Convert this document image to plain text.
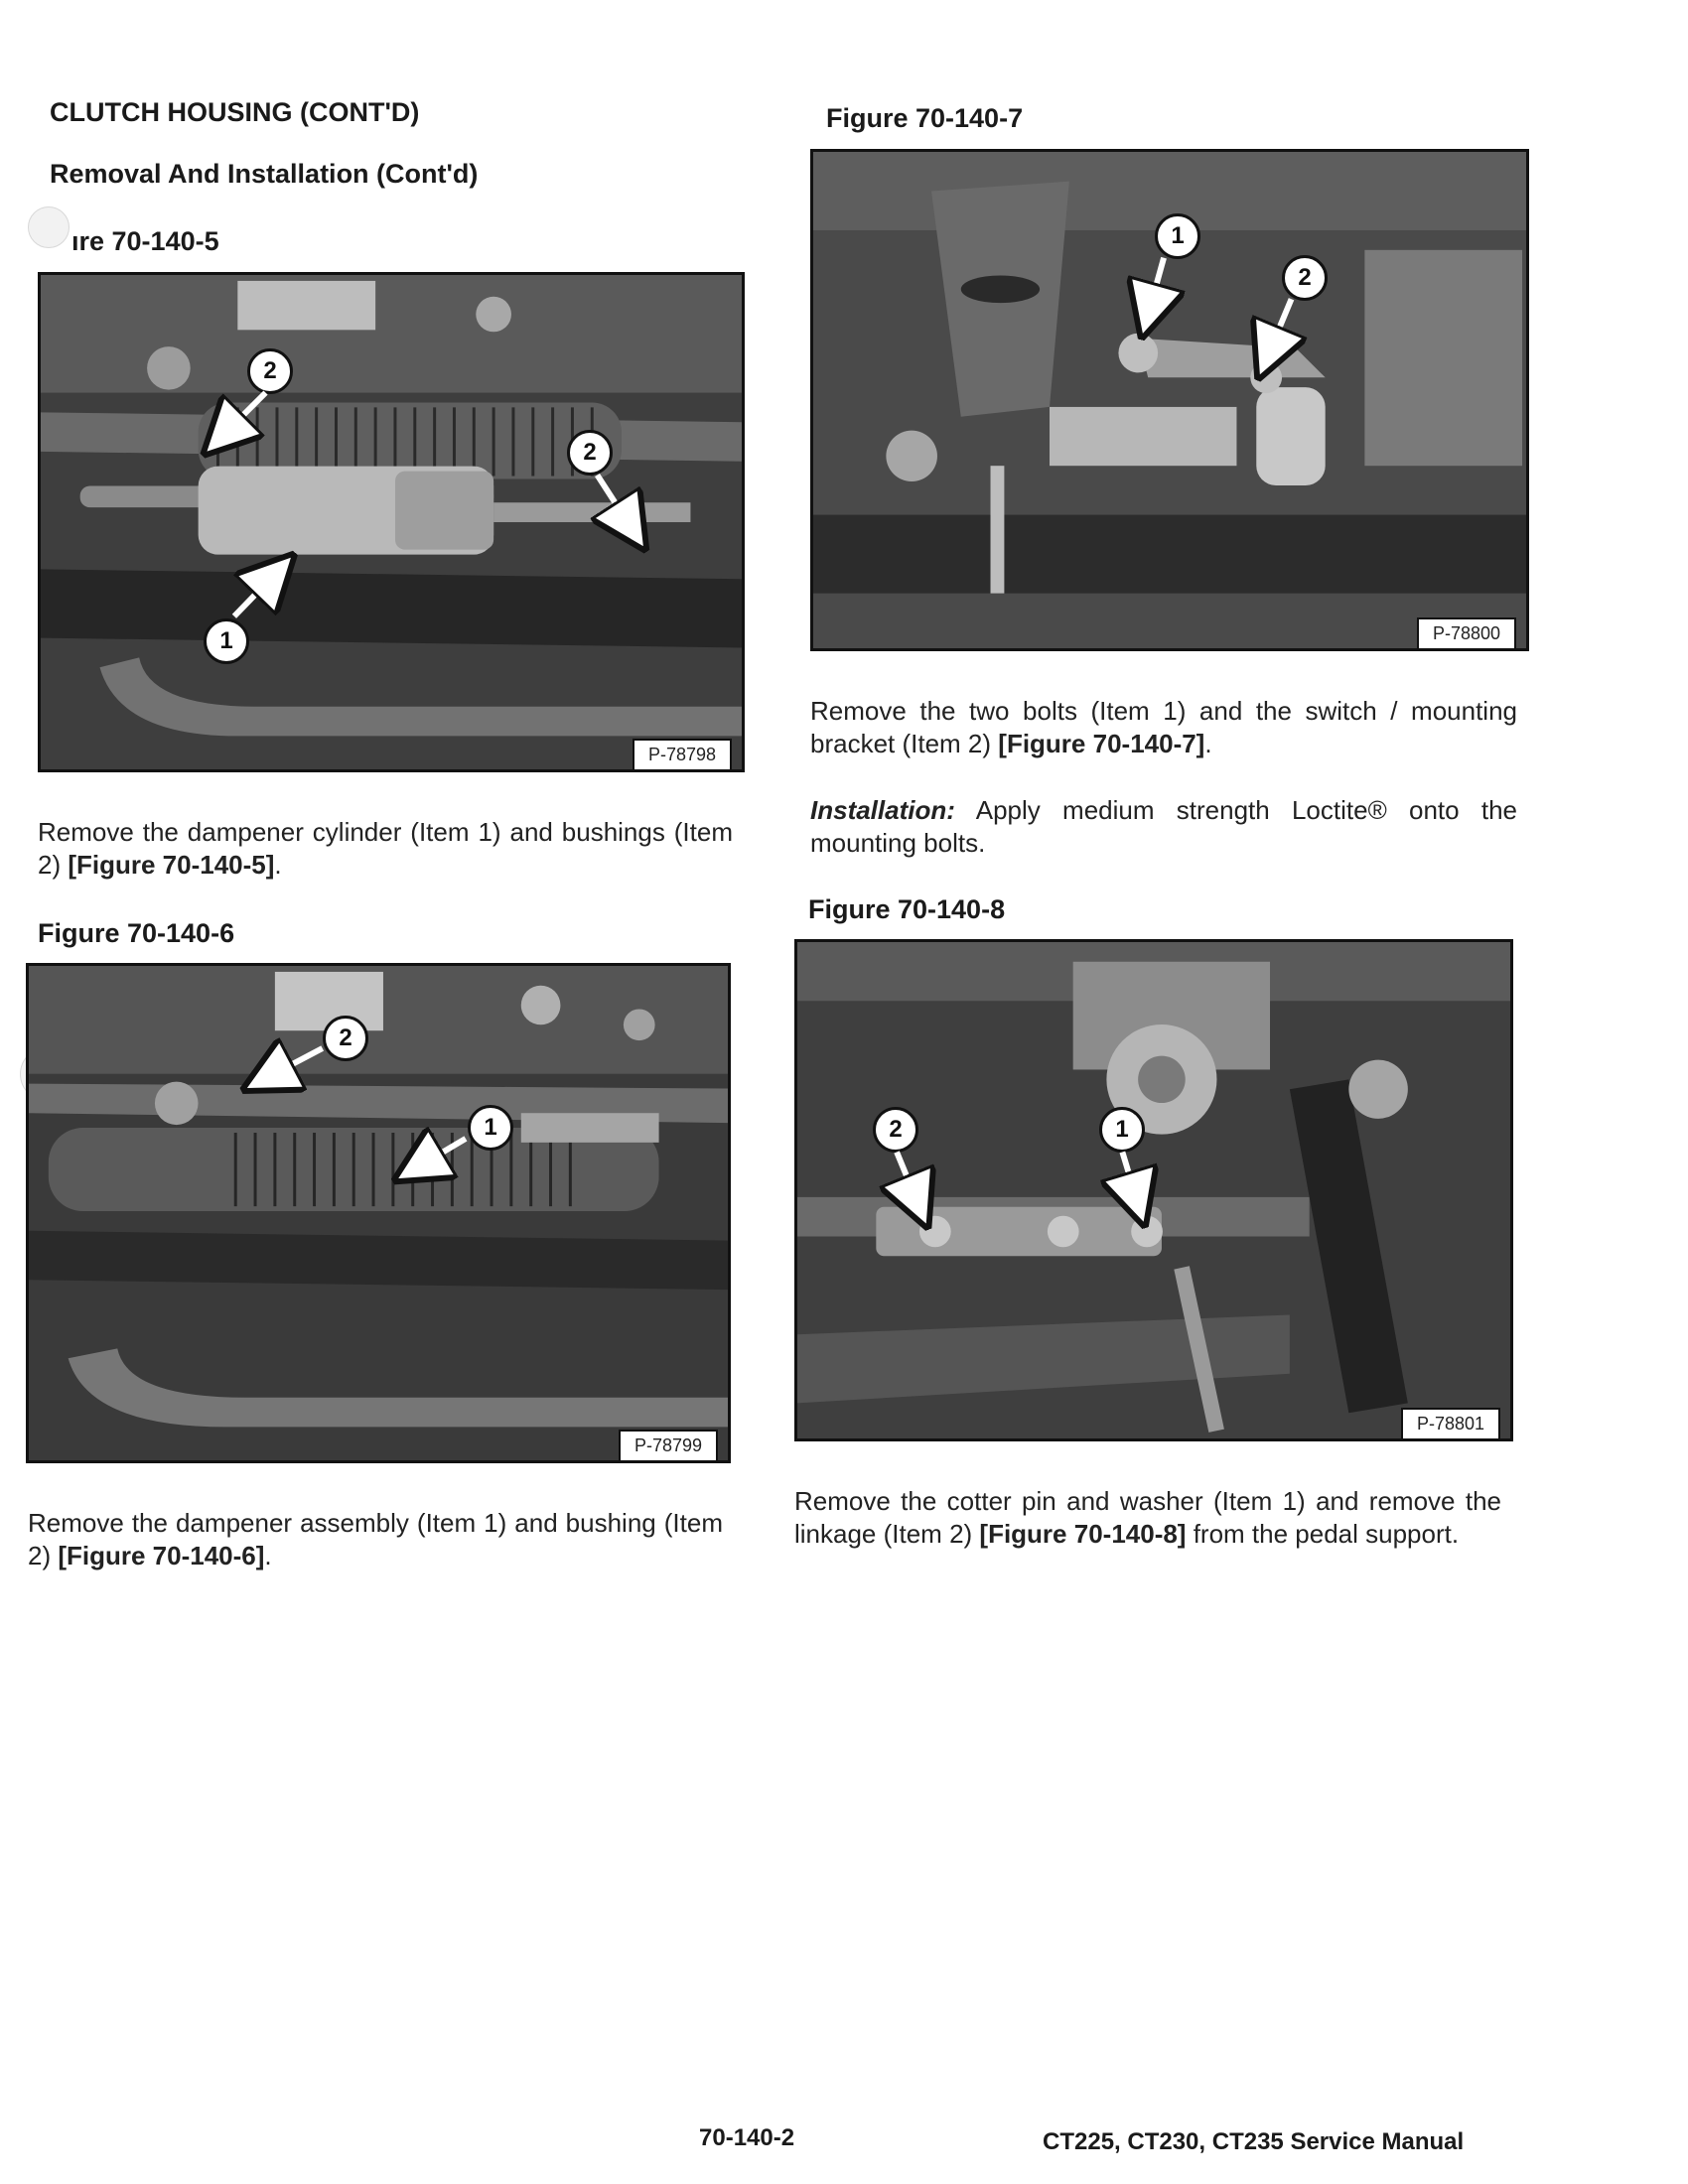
CLUTCH HOUSING (CONT'D)
Removal And Installation (Cont'd)
ıre 70-140-5
2
2
1
P-78798
Remove the dampener cylinder (Item 1) and bushings (Item 2) [Figure 70-140-5].
Figure 70-140-6
2
1
P-78799
Remove the dampener assembly (Item 1) and bushing (Item 2) [Figure 70-140-6].
Figure 70-140-7
1
2
P-78800
Remove the two bolts (Item 1) and the switch / mounting bracket (Item 2) [Figure 70-140-7].
Installation: Apply medium strength Loctite® onto the mounting bolts.
Figure 70-140-8
2	1
P-78801
Remove the cotter pin and washer (Item 1) and remove the linkage (Item 2) [Figure 70-140-8] from the pedal support.
70-140-2	CT225, CT230, CT235 Service Manual
